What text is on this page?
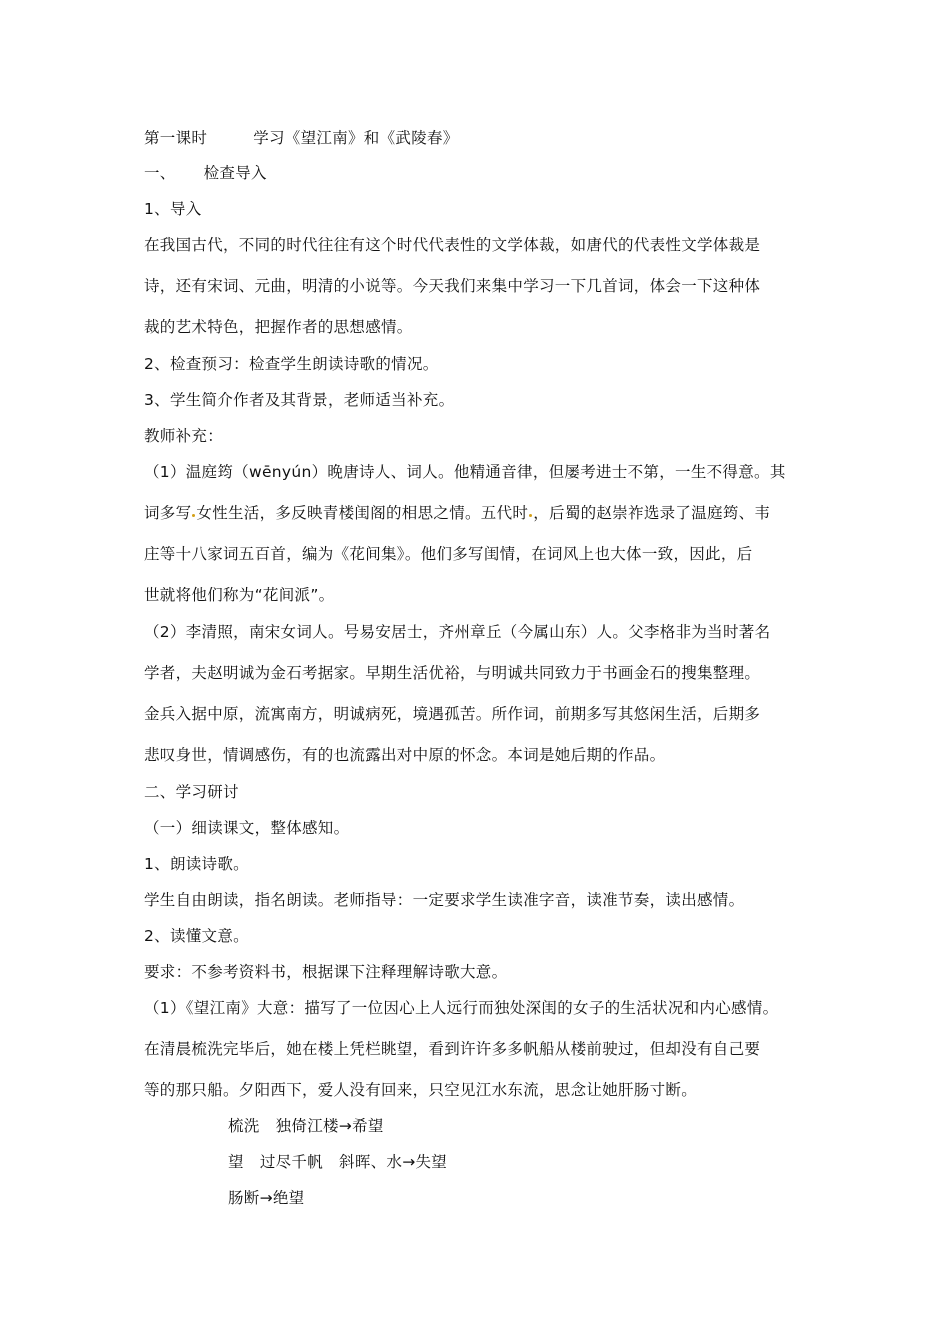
第一课时	学习《望江南》和《武陵春》
一、 检查导入
1、导入
在我国古代，不同的时代往往有这个时代代表性的文学体裁，如唐代的代表性文学体裁是
诗，还有宋词、元曲，明清的小说等。今天我们来集中学习一下几首词，体会一下这种体
裁的艺术特色，把握作者的思想感情。
2、检查预习：检查学生朗读诗歌的情况。
3、学生简介作者及其背景，老师适当补充。
教师补充：
（1）温庭筠（wēnyún）晚唐诗人、词人。他精通音律，但屡考进士不第，一生不得意。其
词多写 女性生活，多反映青楼闺阁的相思之情。五代时 ，后蜀的赵崇祚选录了温庭筠、韦
庄等十八家词五百首，编为《花间集》。他们多写闺情，在词风上也大体一致，因此，后
世就将他们称为“花间派”。
（2）李清照，南宋女词人。号易安居士，齐州章丘（今属山东）人。父李格非为当时著名
学者，夫赵明诚为金石考据家。早期生活优裕，与明诚共同致力于书画金石的搜集整理。
金兵入据中原，流寓南方，明诚病死，境遇孤苦。所作词，前期多写其悠闲生活，后期多
悲叹身世，情调感伤，有的也流露出对中原的怀念。本词是她后期的作品。
二、学习研讨
（一）细读课文，整体感知。
1、朗读诗歌。
学生自由朗读，指名朗读。老师指导：一定要求学生读准字音，读准节奏，读出感情。
2、读懂文意。
要求：不参考资料书，根据课下注释理解诗歌大意。
（1）《望江南》大意：描写了一位因心上人远行而独处深闺的女子的生活状况和内心感情。
在清晨梳洗完毕后，她在楼上凭栏眺望，看到许许多多帆船从楼前驶过，但却没有自己要
等的那只船。夕阳西下，爱人没有回来，只空见江水东流，思念让她肝肠寸断。
梳洗 独倚江楼→希望
望 过尽千帆 斜晖、水→失望
肠断→绝望
